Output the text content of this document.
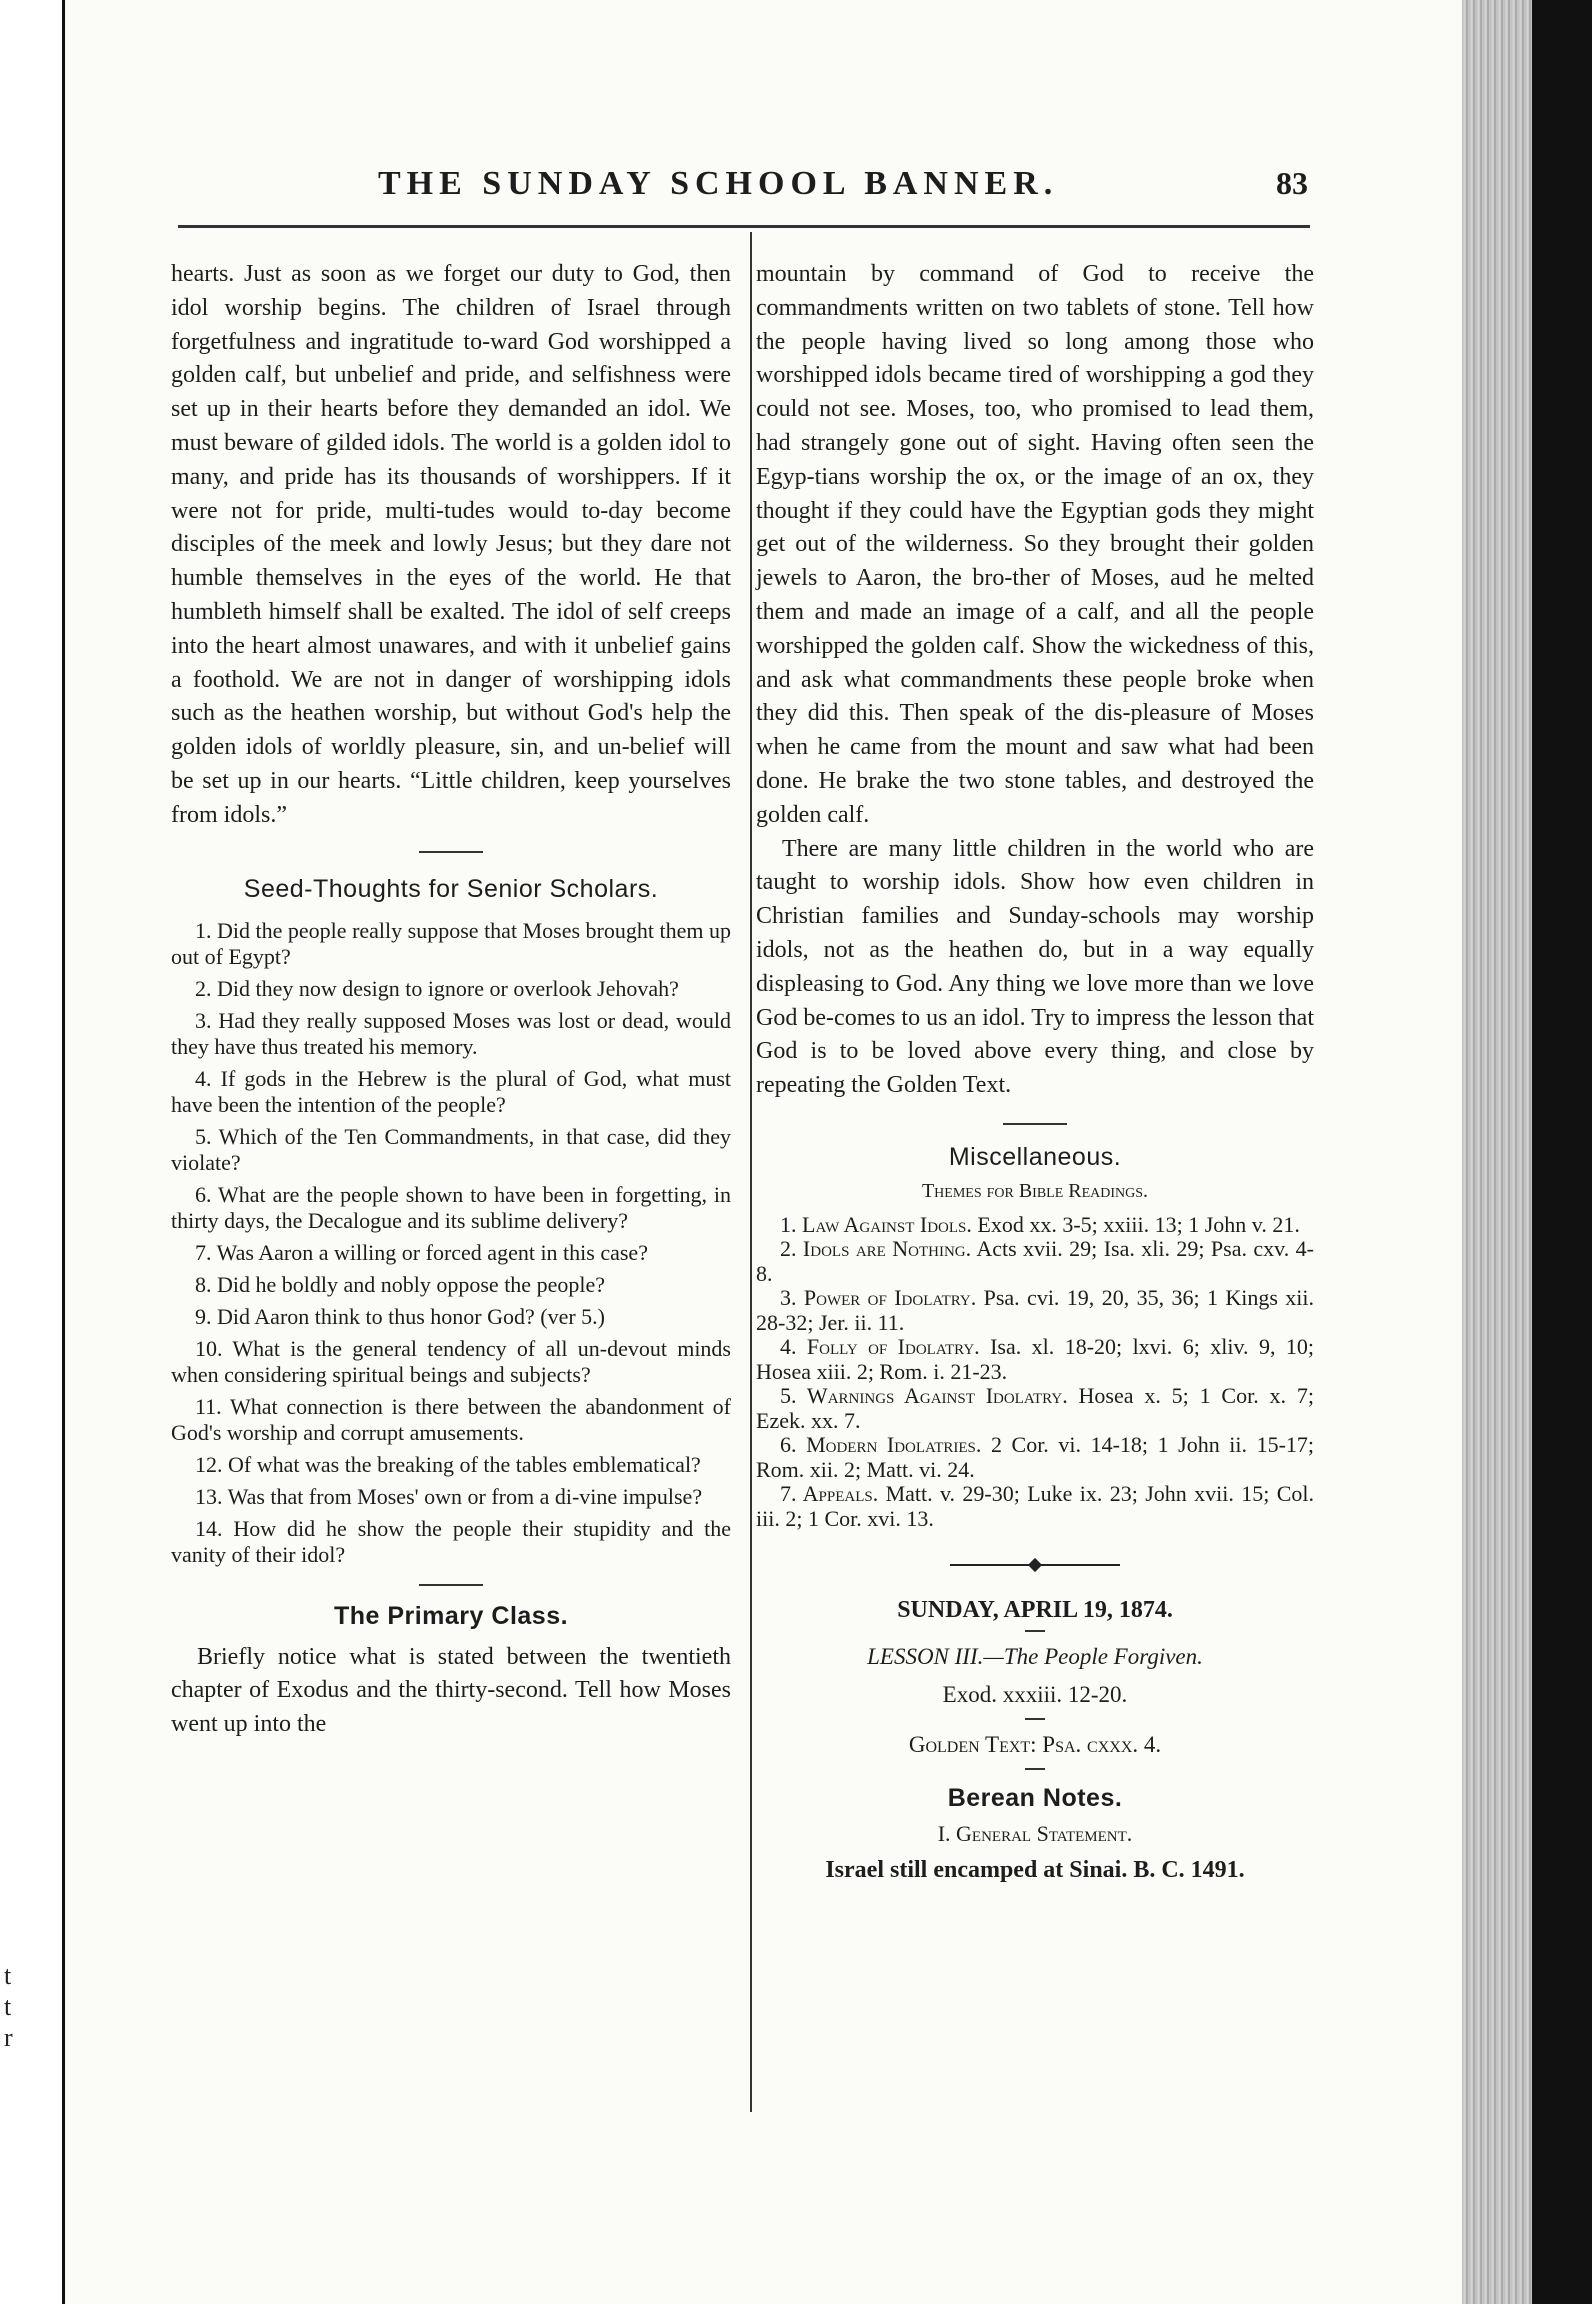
t
t
r
THE SUNDAY SCHOOL BANNER.	83

hearts. Just as soon as we forget our duty to God, then idol worship begins. The children of Israel through forgetfulness and ingratitude to-ward God worshipped a golden calf, but unbelief and pride, and selfishness were set up in their hearts before they demanded an idol. We must beware of gilded idols. The world is a golden idol to many, and pride has its thousands of worshippers. If it were not for pride, multi-tudes would to-day become disciples of the meek and lowly Jesus; but they dare not humble themselves in the eyes of the world. He that humbleth himself shall be exalted. The idol of self creeps into the heart almost unawares, and with it unbelief gains a foothold. We are not in danger of worshipping idols such as the heathen worship, but without God's help the golden idols of worldly pleasure, sin, and un-belief will be set up in our hearts. “Little children, keep yourselves from idols.”

Seed-Thoughts for Senior Scholars.

1. Did the people really suppose that Moses brought them up out of Egypt?

2. Did they now design to ignore or overlook Jehovah?

3. Had they really supposed Moses was lost or dead, would they have thus treated his memory.

4. If gods in the Hebrew is the plural of God, what must have been the intention of the people?

5. Which of the Ten Commandments, in that case, did they violate?

6. What are the people shown to have been in forgetting, in thirty days, the Decalogue and its sublime delivery?

7. Was Aaron a willing or forced agent in this case?

8. Did he boldly and nobly oppose the people?

9. Did Aaron think to thus honor God? (ver 5.)

10. What is the general tendency of all un-devout minds when considering spiritual beings and subjects?

11. What connection is there between the abandonment of God's worship and corrupt amusements.

12. Of what was the breaking of the tables emblematical?

13. Was that from Moses' own or from a di-vine impulse?

14. How did he show the people their stupidity and the vanity of their idol?

The Primary Class.

Briefly notice what is stated between the twentieth chapter of Exodus and the thirty-second. Tell how Moses went up into the

mountain by command of God to receive the commandments written on two tablets of stone. Tell how the people having lived so long among those who worshipped idols became tired of worshipping a god they could not see. Moses, too, who promised to lead them, had strangely gone out of sight. Having often seen the Egyp-tians worship the ox, or the image of an ox, they thought if they could have the Egyptian gods they might get out of the wilderness. So they brought their golden jewels to Aaron, the bro-ther of Moses, aud he melted them and made an image of a calf, and all the people worshipped the golden calf. Show the wickedness of this, and ask what commandments these people broke when they did this. Then speak of the dis-pleasure of Moses when he came from the mount and saw what had been done. He brake the two stone tables, and destroyed the golden calf.

There are many little children in the world who are taught to worship idols. Show how even children in Christian families and Sunday-schools may worship idols, not as the heathen do, but in a way equally displeasing to God. Any thing we love more than we love God be-comes to us an idol. Try to impress the lesson that God is to be loved above every thing, and close by repeating the Golden Text.

Miscellaneous.

Themes for Bible Readings.

1. Law Against Idols. Exod xx. 3-5; xxiii. 13; 1 John v. 21.

2. Idols are Nothing. Acts xvii. 29; Isa. xli. 29; Psa. cxv. 4-8.

3. Power of Idolatry. Psa. cvi. 19, 20, 35, 36; 1 Kings xii. 28-32; Jer. ii. 11.

4. Folly of Idolatry. Isa. xl. 18-20; lxvi. 6; xliv. 9, 10; Hosea xiii. 2; Rom. i. 21-23.

5. Warnings Against Idolatry. Hosea x. 5; 1 Cor. x. 7; Ezek. xx. 7.

6. Modern Idolatries. 2 Cor. vi. 14-18; 1 John ii. 15-17; Rom. xii. 2; Matt. vi. 24.

7. Appeals. Matt. v. 29-30; Luke ix. 23; John xvii. 15; Col. iii. 2; 1 Cor. xvi. 13.

SUNDAY, APRIL 19, 1874.

LESSON III.—The People Forgiven.

Exod. xxxiii. 12-20.

Golden Text: Psa. cxxx. 4.

Berean Notes.

I. General Statement.

Israel still encamped at Sinai. B. C. 1491.
